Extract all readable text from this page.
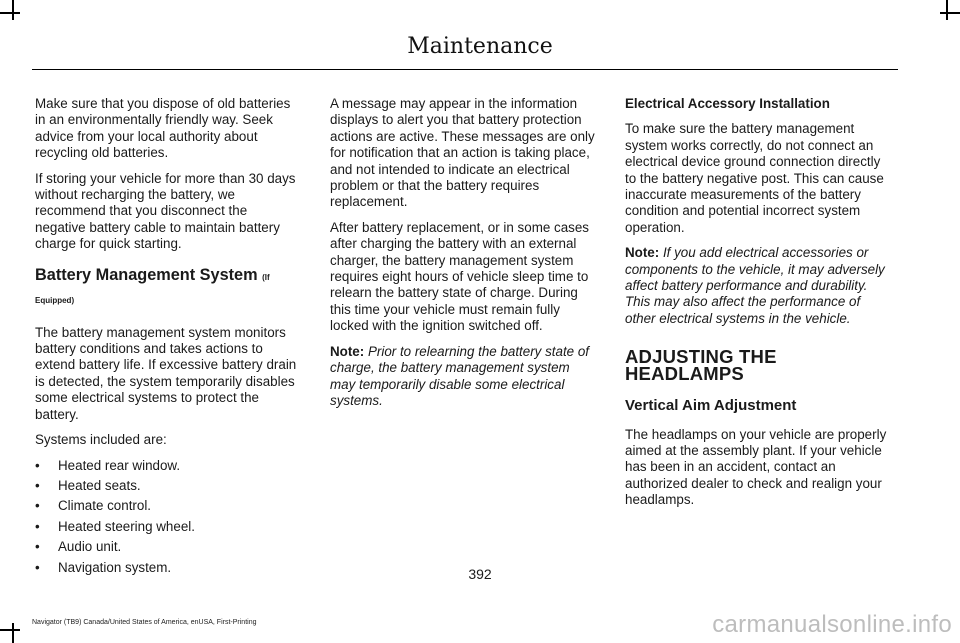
Maintenance

Make sure that you dispose of old batteries in an environmentally friendly way. Seek advice from your local authority about recycling old batteries.

If storing your vehicle for more than 30 days without recharging the battery, we recommend that you disconnect the negative battery cable to maintain battery charge for quick starting.

Battery Management System (If Equipped)

The battery management system monitors battery conditions and takes actions to extend battery life. If excessive battery drain is detected, the system temporarily disables some electrical systems to protect the battery.

Systems included are:

• Heated rear window.
• Heated seats.
• Climate control.
• Heated steering wheel.
• Audio unit.
• Navigation system.

A message may appear in the information displays to alert you that battery protection actions are active. These messages are only for notification that an action is taking place, and not intended to indicate an electrical problem or that the battery requires replacement.

After battery replacement, or in some cases after charging the battery with an external charger, the battery management system requires eight hours of vehicle sleep time to relearn the battery state of charge. During this time your vehicle must remain fully locked with the ignition switched off.

Note: Prior to relearning the battery state of charge, the battery management system may temporarily disable some electrical systems.

Electrical Accessory Installation

To make sure the battery management system works correctly, do not connect an electrical device ground connection directly to the battery negative post. This can cause inaccurate measurements of the battery condition and potential incorrect system operation.

Note: If you add electrical accessories or components to the vehicle, it may adversely affect battery performance and durability. This may also affect the performance of other electrical systems in the vehicle.

ADJUSTING THE HEADLAMPS
Vertical Aim Adjustment

The headlamps on your vehicle are properly aimed at the assembly plant. If your vehicle has been in an accident, contact an authorized dealer to check and realign your headlamps.

392
Navigator (TB9) Canada/United States of America, enUSA, First-Printing	carmanualsonline.info
